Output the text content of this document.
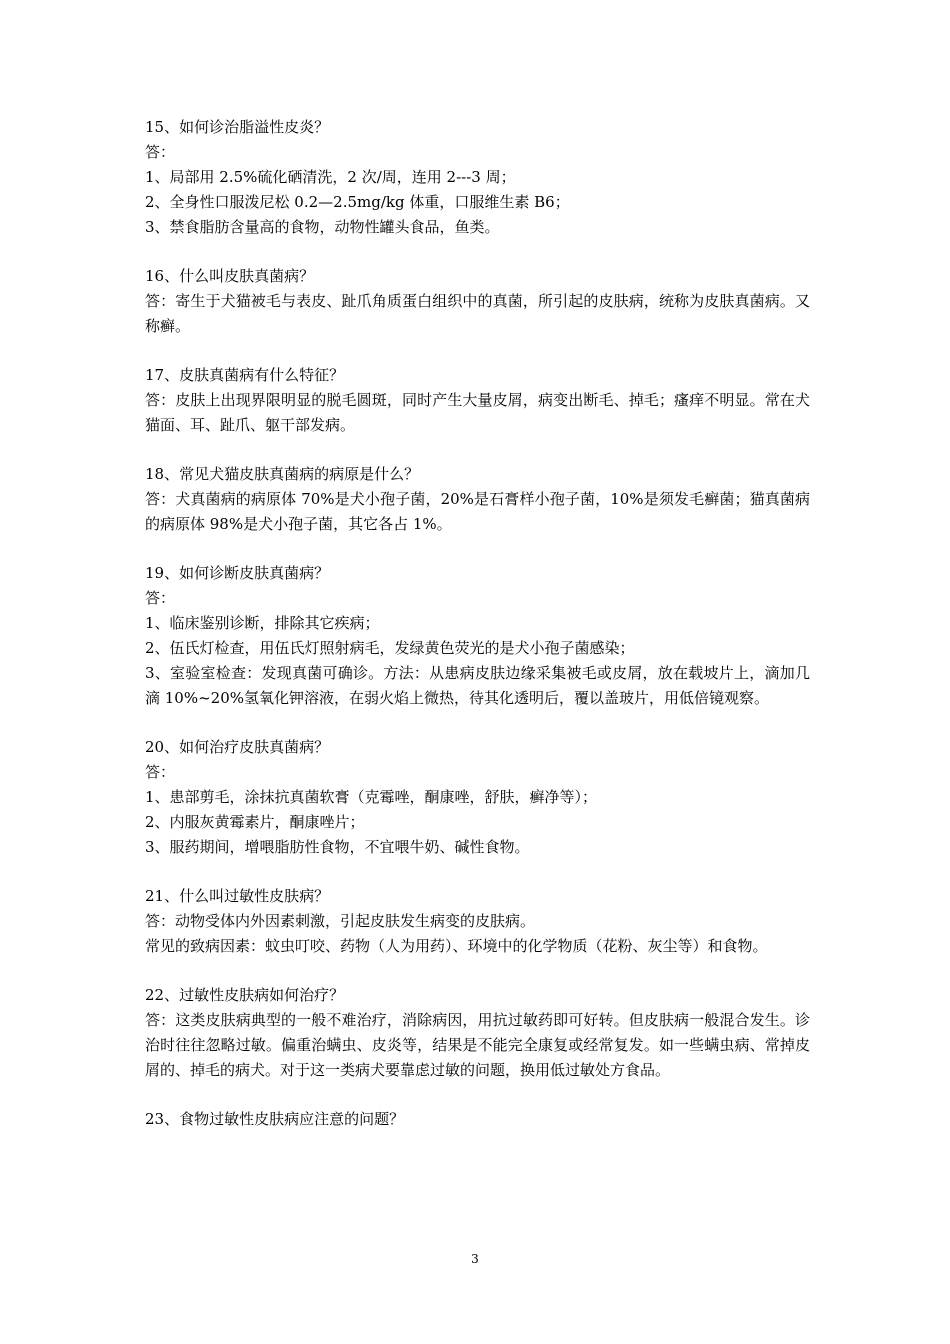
15、如何诊治脂溢性皮炎？
答：
1、局部用 2.5%硫化硒清洗，2 次/周，连用 2---3 周；
2、全身性口服泼尼松 0.2—2.5mg/kg 体重，口服维生素 B6；
3、禁食脂肪含量高的食物，动物性罐头食品，鱼类。
16、什么叫皮肤真菌病？
答：寄生于犬猫被毛与表皮、趾爪角质蛋白组织中的真菌，所引起的皮肤病，统称为皮肤真菌病。又称癣。
17、皮肤真菌病有什么特征？
答：皮肤上出现界限明显的脱毛圆斑，同时产生大量皮屑，病变出断毛、掉毛；瘙痒不明显。常在犬猫面、耳、趾爪、躯干部发病。
18、常见犬猫皮肤真菌病的病原是什么？
答：犬真菌病的病原体 70%是犬小孢子菌，20%是石膏样小孢子菌，10%是须发毛癣菌；猫真菌病的病原体 98%是犬小孢子菌，其它各占 1%。
19、如何诊断皮肤真菌病？
答：
1、临床鉴别诊断，排除其它疾病；
2、伍氏灯检查，用伍氏灯照射病毛，发绿黄色荧光的是犬小孢子菌感染；
3、室验室检查：发现真菌可确诊。方法：从患病皮肤边缘采集被毛或皮屑，放在载坡片上，滴加几滴 10%~20%氢氧化钾溶液，在弱火焰上微热，待其化透明后，覆以盖玻片，用低倍镜观察。
20、如何治疗皮肤真菌病？
答：
1、患部剪毛，涂抹抗真菌软膏（克霉唑，酮康唑，舒肤，癣净等）；
2、内服灰黄霉素片，酮康唑片；
3、服药期间，增喂脂肪性食物，不宜喂牛奶、碱性食物。
21、什么叫过敏性皮肤病？
答：动物受体内外因素刺激，引起皮肤发生病变的皮肤病。
常见的致病因素：蚊虫叮咬、药物（人为用药）、环境中的化学物质（花粉、灰尘等）和食物。
22、过敏性皮肤病如何治疗？
答：这类皮肤病典型的一般不难治疗，消除病因，用抗过敏药即可好转。但皮肤病一般混合发生。诊治时往往忽略过敏。偏重治螨虫、皮炎等，结果是不能完全康复或经常复发。如一些螨虫病、常掉皮屑的、掉毛的病犬。对于这一类病犬要靠虑过敏的问题，换用低过敏处方食品。
23、食物过敏性皮肤病应注意的问题？
3
